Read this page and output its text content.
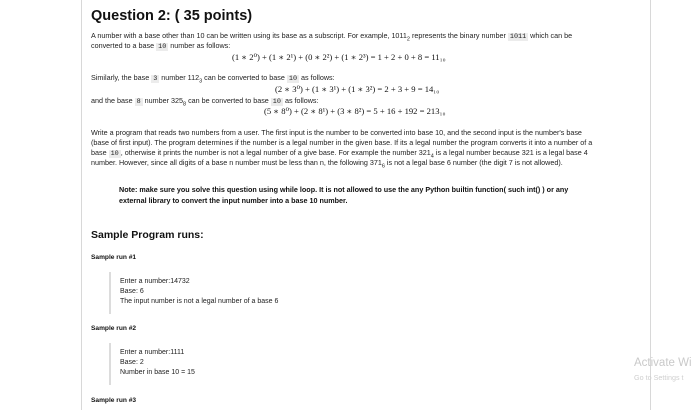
Question 2: ( 35 points)
A number with a base other than 10 can be written using its base as a subscript. For example, $1011_2$ represents the binary number 1011 which can be
converted to a base 10 number as follows:
(1 ∗ 2⁰) + (1 ∗ 2¹) + (0 ∗ 2²) + (1 ∗ 2³) = 1 + 2 + 0 + 8 = 11₁₀
Similarly, the base 3 number $112_3$ can be converted to base 10 as follows:
(2 ∗ 3⁰) + (1 ∗ 3¹) + (1 ∗ 3²) = 2 + 3 + 9 = 14₁₀
and the base 8 number $325_8$ can be converted to base 10 as follows:
(5 ∗ 8⁰) + (2 ∗ 8¹) + (3 ∗ 8²) = 5 + 16 + 192 = 213₁₀
Write a program that reads two numbers from a user. The first input is the number to be converted into base 10, and the second input is the number's base
(base of first input). The program determines if the number is a legal number in the given base. If its a legal number the program converts it into a number of a
base 10 , otherwise it prints the number is not a legal number of a give base. For example the number $321_4$ is a legal number because 321 is a legal base 4
number. However, since all digits of a base n number must be less than n, the following $371_6$ is not a legal base 6 number (the digit 7 is not allowed).
Note: make sure you solve this question using while loop. It is not allowed to use the any Python builtin function( such int() ) or any
external library to convert the input number into a base 10 number.
Sample Program runs:
Sample run #1
Enter a number:14732
Base: 6
The input number is not a legal number of a base 6
Sample run #2
Enter a number:1111
Base: 2
Number in base 10 = 15
Sample run #3
Activate Wi
Go to Settings t
